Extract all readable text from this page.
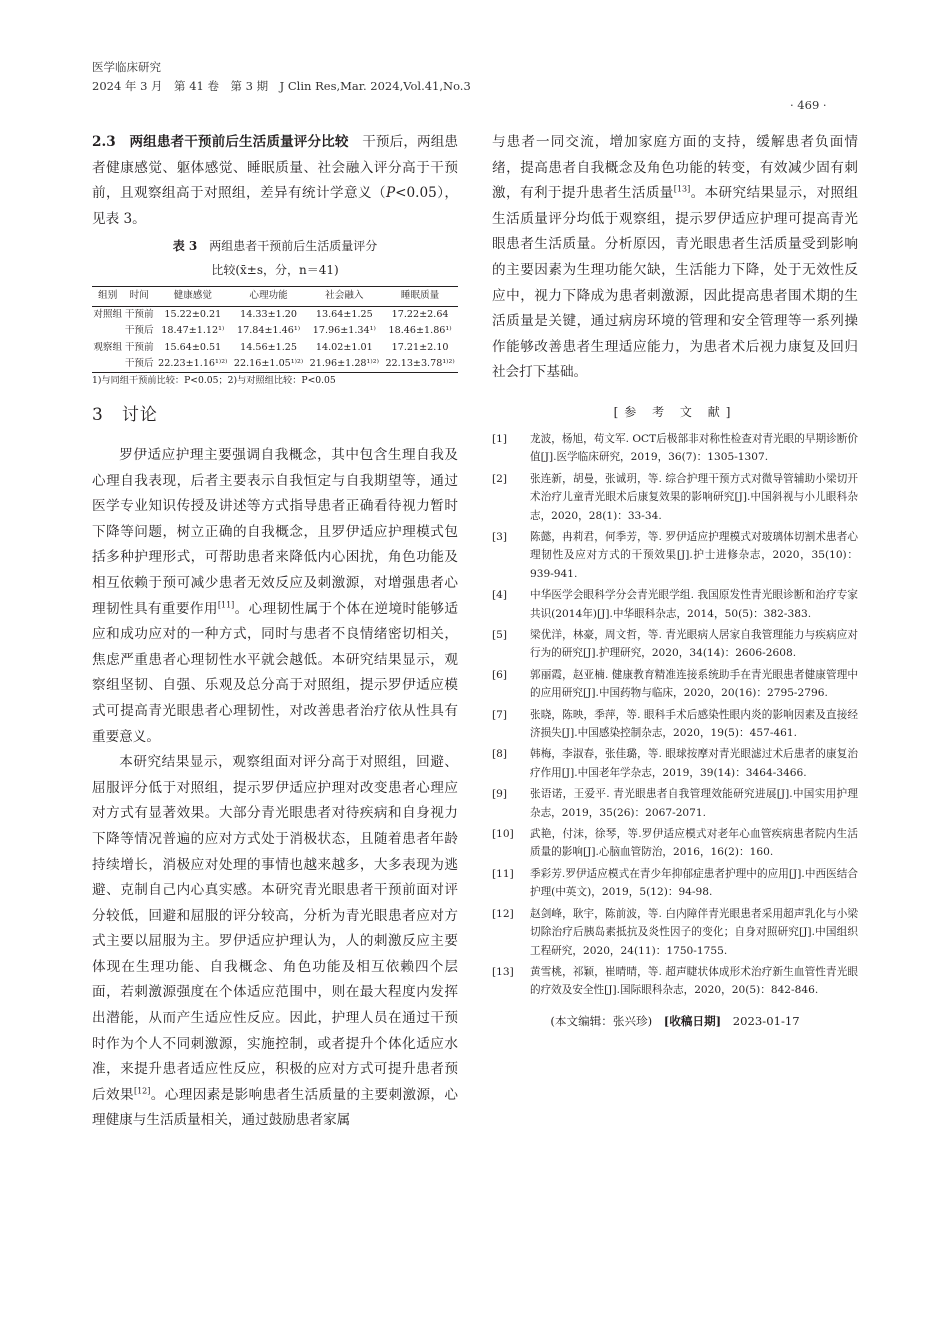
医学临床研究
2024 年 3 月　第 41 卷　第 3 期　J Clin Res,Mar. 2024,Vol.41,No.3
· 469 ·

2.3　两组患者干预前后生活质量评分比较　干预后，两组患者健康感觉、躯体感觉、睡眠质量、社会融入评分高于干预前，且观察组高于对照组，差异有统计学意义（P<0.05），见表 3。

表 3　 两组患者干预前后生活质量评分
比较(x̄±s，分，n＝41)
组别	时间	健康感觉	心理功能	社会融入	睡眠质量
对照组	干预前	15.22±0.21	14.33±1.20	13.64±1.25	17.22±2.64
	干预后	18.47±1.12¹⁾	17.84±1.46¹⁾	17.96±1.34¹⁾	18.46±1.86¹⁾
观察组	干预前	15.64±0.51	14.56±1.25	14.02±1.01	17.21±2.10
	干预后	22.23±1.16¹⁾²⁾	22.16±1.05¹⁾²⁾	21.96±1.28¹⁾²⁾	22.13±3.78¹⁾²⁾
1)与同组干预前比较：P<0.05；2)与对照组比较：P<0.05
3　讨论

罗伊适应护理主要强调自我概念，其中包含生理自我及心理自我表现，后者主要表示自我恒定与自我期望等，通过医学专业知识传授及讲述等方式指导患者正确看待视力暂时下降等问题，树立正确的自我概念，且罗伊适应护理模式包括多种护理形式，可帮助患者来降低内心困扰，角色功能及相互依赖于预可减少患者无效反应及刺激源，对增强患者心理韧性具有重要作用[11]。心理韧性属于个体在逆境时能够适应和成功应对的一种方式，同时与患者不良情绪密切相关，焦虑严重患者心理韧性水平就会越低。本研究结果显示，观察组坚韧、自强、乐观及总分高于对照组，提示罗伊适应模式可提高青光眼患者心理韧性，对改善患者治疗依从性具有重要意义。

本研究结果显示，观察组面对评分高于对照组，回避、屈服评分低于对照组，提示罗伊适应护理对改变患者心理应对方式有显著效果。大部分青光眼患者对待疾病和自身视力下降等情况普遍的应对方式处于消极状态，且随着患者年龄持续增长，消极应对处理的事情也越来越多，大多表现为逃避、克制自己内心真实感。本研究青光眼患者干预前面对评分较低，回避和屈服的评分较高，分析为青光眼患者应对方式主要以屈服为主。罗伊适应护理认为，人的刺激反应主要体现在生理功能、自我概念、角色功能及相互依赖四个层面，若刺激源强度在个体适应范围中，则在最大程度内发挥出潜能，从而产生适应性反应。因此，护理人员在通过干预时作为个人不同刺激源，实施控制，或者提升个体化适应水准，来提升患者适应性反应，积极的应对方式可提升患者预后效果[12]。心理因素是影响患者生活质量的主要刺激源，心理健康与生活质量相关，通过鼓励患者家属

与患者一同交流，增加家庭方面的支持，缓解患者负面情绪，提高患者自我概念及角色功能的转变，有效减少固有刺激，有利于提升患者生活质量[13]。本研究结果显示，对照组生活质量评分均低于观察组，提示罗伊适应护理可提高青光眼患者生活质量。分析原因，青光眼患者生活质量受到影响的主要因素为生理功能欠缺，生活能力下降，处于无效性反应中，视力下降成为患者刺激源，因此提高患者围术期的生活质量是关键，通过病房环境的管理和安全管理等一系列操作能够改善患者生理适应能力，为患者术后视力康复及回归社会打下基础。

[参 考 文 献]
[1]	龙波，杨旭，苟文军. OCT后极部非对称性检查对青光眼的早期诊断价值[J].医学临床研究，2019，36(7)：1305-1307.
[2]	张连新，胡曼，张诚玥，等. 综合护理干预方式对微导管辅助小梁切开术治疗儿童青光眼术后康复效果的影响研究[J].中国斜视与小儿眼科杂志，2020，28(1)：33-34.
[3]	陈懿，冉莉君，何季芳，等. 罗伊适应护理模式对玻璃体切割术患者心理韧性及应对方式的干预效果[J].护士进修杂志，2020，35(10)：939-941.
[4]	中华医学会眼科学分会青光眼学组. 我国原发性青光眼诊断和治疗专家共识(2014年)[J].中华眼科杂志，2014，50(5)：382-383.
[5]	梁优洋，林豪，周文哲，等. 青光眼病人居家自我管理能力与疾病应对行为的研究[J].护理研究，2020，34(14)：2606-2608.
[6]	郭丽霞，赵亚楠. 健康教育精准连接系统助手在青光眼患者健康管理中的应用研究[J].中国药物与临床，2020，20(16)：2795-2796.
[7]	张晓，陈映，季萍，等. 眼科手术后感染性眼内炎的影响因素及直接经济损失[J].中国感染控制杂志，2020，19(5)：457-461.
[8]	韩梅，李淑春，张佳璐，等. 眼球按摩对青光眼滤过术后患者的康复治疗作用[J].中国老年学杂志，2019，39(14)：3464-3466.
[9]	张语诺，王爱平. 青光眼患者自我管理效能研究进展[J].中国实用护理杂志，2019，35(26)：2067-2071.
[10]	武艳，付沫，徐琴，等.罗伊适应模式对老年心血管疾病患者院内生活质量的影响[J].心脑血管防治，2016，16(2)：160.
[11]	季彩芳.罗伊适应模式在青少年抑郁症患者护理中的应用[J].中西医结合护理(中英文)，2019，5(12)：94-98.
[12]	赵剑峰，耿宇，陈前波，等. 白内障伴青光眼患者采用超声乳化与小梁切除治疗后胰岛素抵抗及炎性因子的变化；自身对照研究[J].中国组织工程研究，2020，24(11)：1750-1755.
[13]	黄雪桃，祁颖，崔晴晴，等. 超声睫状体成形术治疗新生血管性青光眼的疗效及安全性[J].国际眼科杂志，2020，20(5)：842-846.
(本文编辑：张兴珍)　 [收稿日期]　 2023-01-17
